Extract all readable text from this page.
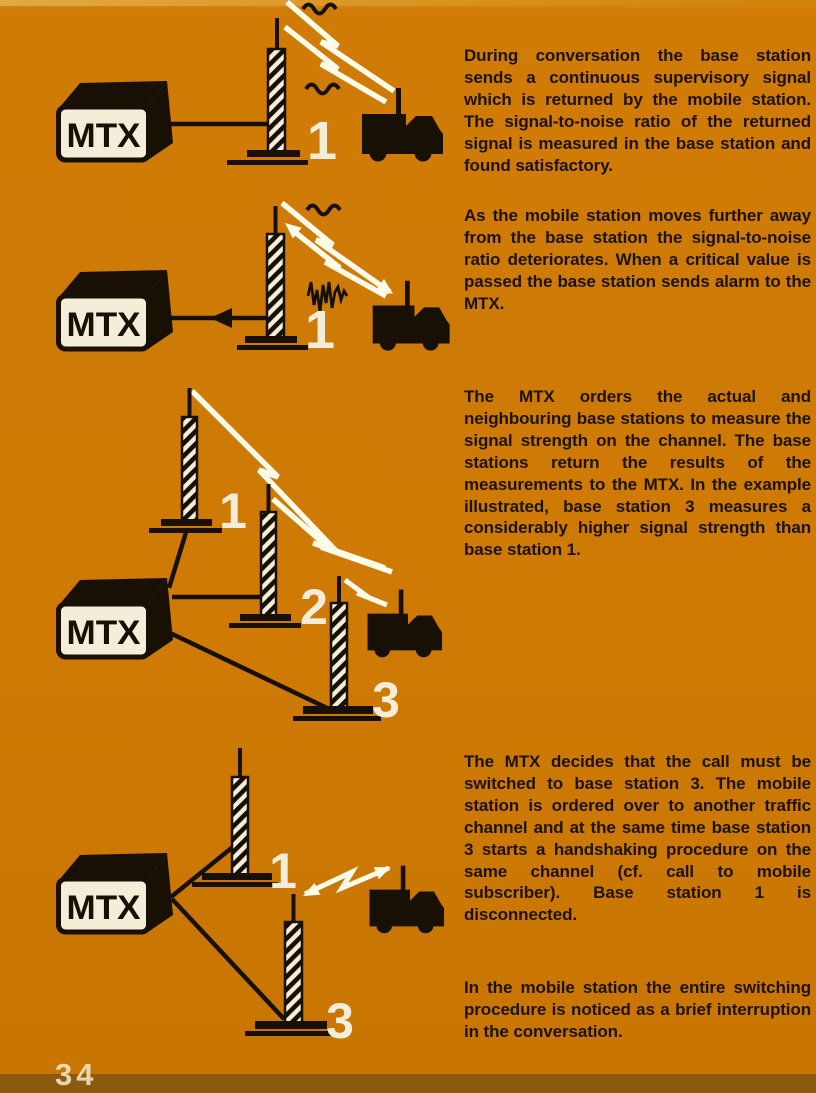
MTX	1
MTX	1
MTX
1
2
3
MTX
1
3

During conversation the base station sends a continuous supervisory signal which is returned by the mobile station. The signal-to-noise ratio of the returned signal is measured in the base station and found satisfactory.

As the mobile station moves further away from the base station the signal-to-noise ratio deteriorates. When a critical value is passed the base station sends alarm to the MTX.

The MTX orders the actual and neighbouring base stations to measure the signal strength on the channel. The base stations return the results of the measurements to the MTX. In the example illustrated, base station 3 measures a considerably higher signal strength than base station 1.

The MTX decides that the call must be switched to base station 3. The mobile station is ordered over to another traffic channel and at the same time base station 3 starts a handshaking procedure on the same channel (cf. call to mobile subscriber). Base station 1 is disconnected.

In the mobile station the entire switching procedure is noticed as a brief interruption in the conversation.

34
